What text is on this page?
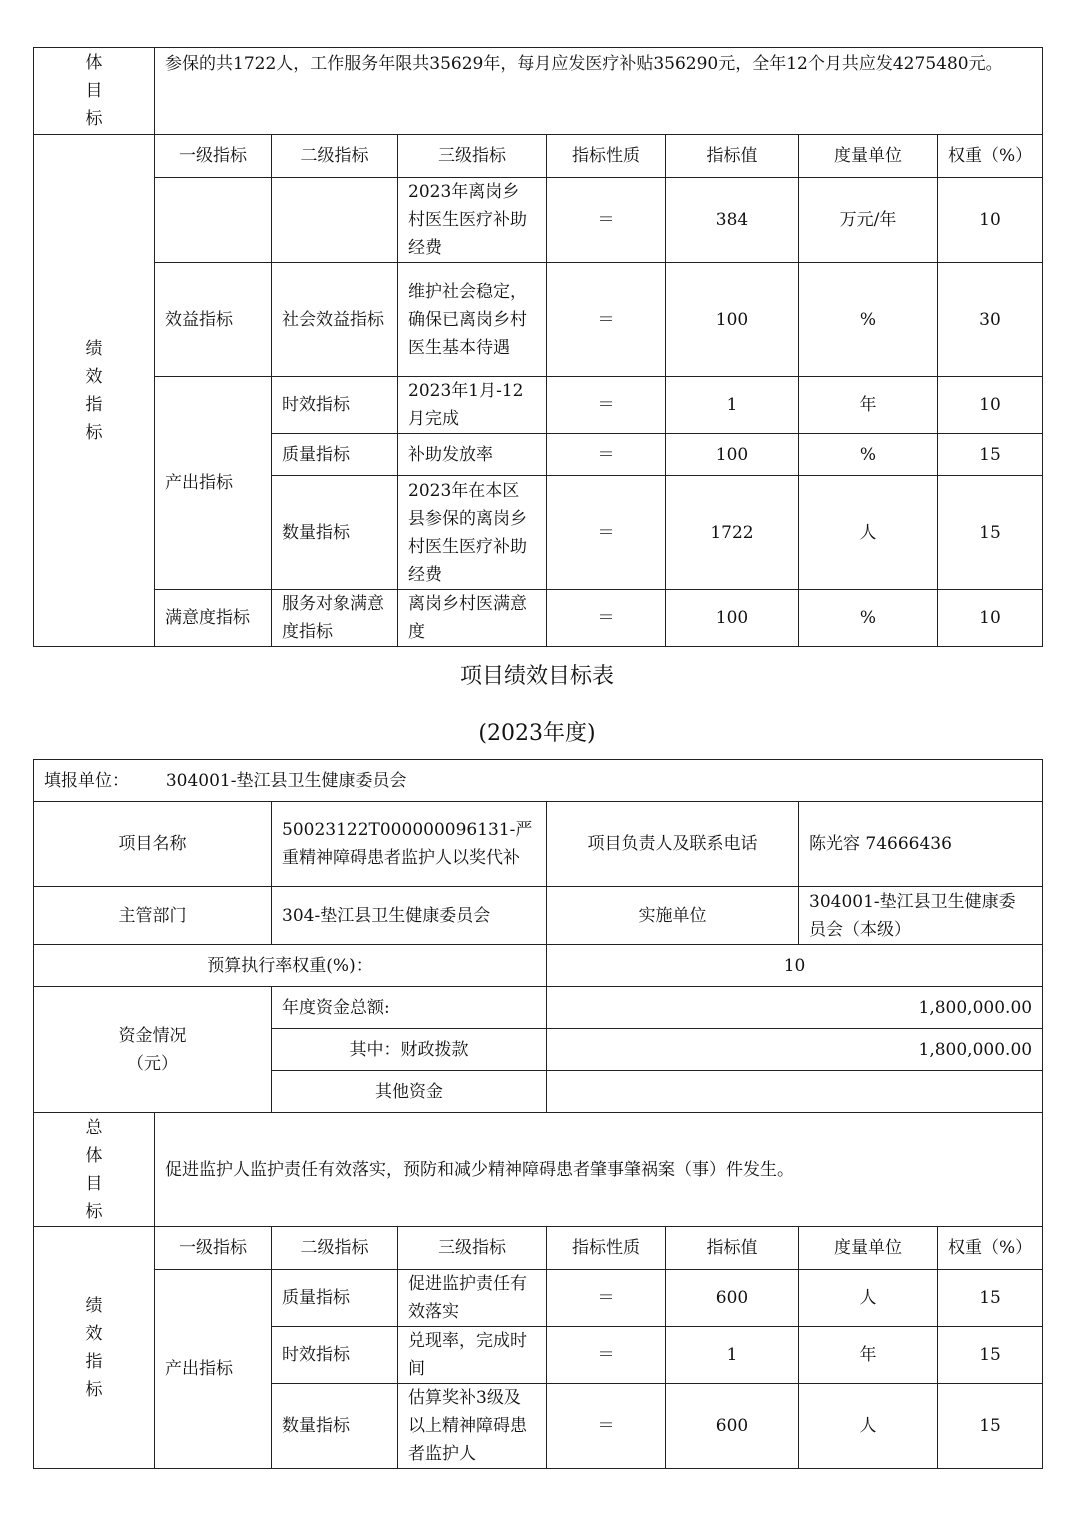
体
目
标	参保的共1722人，工作服务年限共35629年，每月应发医疗补贴356290元，全年12个月共应发4275480元。						

绩
效
指
标	一级指标	二级指标	三级指标	指标性质	指标值	度量单位	权重（%）
			2023年离岗乡村医生医疗补助经费	＝	384	万元/年	10
	效益指标	社会效益指标	维护社会稳定，确保已离岗乡村医生基本待遇	＝	100	%	30
	产出指标	时效指标	2023年1月-12月完成	＝	1	年	10
		质量指标	补助发放率	＝	100	%	15
		数量指标	2023年在本区县参保的离岗乡村医生医疗补助经费	＝	1722	人	15
	满意度指标	服务对象满意度指标	离岗乡村医满意度	＝	100	%	10
项目绩效目标表
(2023年度)
填报单位： 304001-垫江县卫生健康委员会							
项目名称		50023122T000000096131-严重精神障碍患者监护人以奖代补		项目负责人及联系电话		陈光容 74666436	
主管部门		304-垫江县卫生健康委员会		实施单位		304001-垫江县卫生健康委员会（本级）	
预算执行率权重(%)：				10			

资金情况
（元）		年度资金总额:		1,800,000.00			
		其中：财政拨款		1,800,000.00			
		其他资金					

总
体
目
标	促进监护人监护责任有效落实，预防和减少精神障碍患者肇事肇祸案（事）件发生。						

绩
效
指
标	一级指标	二级指标	三级指标	指标性质	指标值	度量单位	权重（%）
	产出指标	质量指标	促进监护责任有效落实	＝	600	人	15
		时效指标	兑现率，完成时间	＝	1	年	15
		数量指标	估算奖补3级及以上精神障碍患者监护人	＝	600	人	15
